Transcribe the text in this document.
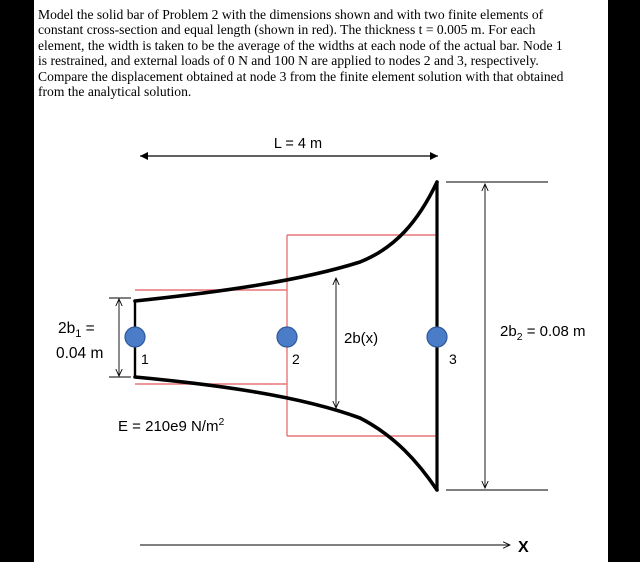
Model the solid bar of Problem 2 with the dimensions shown and with two finite elements of
constant cross-section and equal length (shown in red). The thickness t = 0.005 m. For each
element, the width is taken to be the average of the widths at each node of the actual bar. Node 1
is restrained, and external loads of 0 N and 100 N are applied to nodes 2 and 3, respectively.
Compare the displacement obtained at node 3 from the finite element solution with that obtained
from the analytical solution.
L = 4 m
$2b_1$ =
0.04 m
2b(x)	$2b_2 = 0.08$ m
1	2	3
E = 210e9 $N/m^2$
X
